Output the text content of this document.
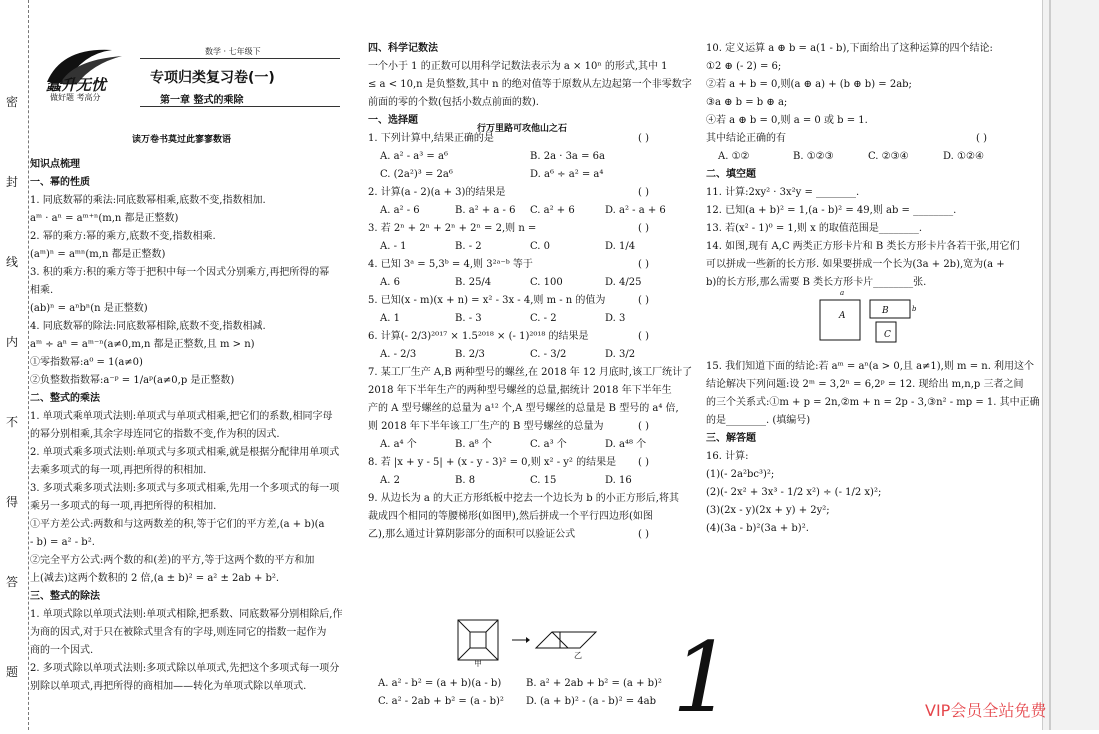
密
封
线
内
不
得
答
题
蠢升无忧
做好题 考高分
数学 · 七年级下
专项归类复习卷(一)
第一章 整式的乘除
读万卷书莫过此寥寥数语
行万里路可攻他山之石
知识点梳理
一、幂的性质
1. 同底数幂的乘法:同底数幂相乘,底数不变,指数相加.
aᵐ · aⁿ = aᵐ⁺ⁿ(m,n 都是正整数)
2. 幂的乘方:幂的乘方,底数不变,指数相乘.
(aᵐ)ⁿ = aᵐⁿ(m,n 都是正整数)
3. 积的乘方:积的乘方等于把积中每一个因式分别乘方,再把所得的幂
相乘.
(ab)ⁿ = aⁿbⁿ(n 是正整数)
4. 同底数幂的除法:同底数幂相除,底数不变,指数相减.
aᵐ ÷ aⁿ = aᵐ⁻ⁿ(a≠0,m,n 都是正整数,且 m > n)
①零指数幂:a⁰ = 1(a≠0)
②负整数指数幂:a⁻ᵖ = 1/aᵖ(a≠0,p 是正整数)
二、整式的乘法
1. 单项式乘单项式法则:单项式与单项式相乘,把它们的系数,相同字母
的幂分别相乘,其余字母连同它的指数不变,作为积的因式.
2. 单项式乘多项式法则:单项式与多项式相乘,就是根据分配律用单项式
去乘多项式的每一项,再把所得的积相加.
3. 多项式乘多项式法则:多项式与多项式相乘,先用一个多项式的每一项
乘另一多项式的每一项,再把所得的积相加.
①平方差公式:两数和与这两数差的积,等于它们的平方差,(a + b)(a
- b) = a² - b².
②完全平方公式:两个数的和(差)的平方,等于这两个数的平方和加
上(减去)这两个数积的 2 倍,(a ± b)² = a² ± 2ab + b².
三、整式的除法
1. 单项式除以单项式法则:单项式相除,把系数、同底数幂分别相除后,作
为商的因式,对于只在被除式里含有的字母,则连同它的指数一起作为
商的一个因式.
2. 多项式除以单项式法则:多项式除以单项式,先把这个多项式每一项分
别除以单项式,再把所得的商相加——转化为单项式除以单项式.
四、科学记数法
一个小于 1 的正数可以用科学记数法表示为 a × 10ⁿ 的形式,其中 1
≤ a < 10,n 是负整数,其中 n 的绝对值等于原数从左边起第一个非零数字
前面的零的个数(包括小数点前面的数).
一、选择题
1. 下列计算中,结果正确的是	( )
A. a² - a³ = a⁶	B. 2a · 3a = 6a
C. (2a²)³ = 2a⁶	D. a⁶ ÷ a² = a⁴
2. 计算(a - 2)(a + 3)的结果是	( )
A. a² - 6	B. a² + a - 6 C. a² + 6	D. a² - a + 6
3. 若 2ⁿ + 2ⁿ + 2ⁿ + 2ⁿ = 2,则 n =	( )
A. - 1	B. - 2	C. 0	D. 1/4
4. 已知 3ᵃ = 5,3ᵇ = 4,则 3²ᵃ⁻ᵇ 等于	( )
A. 6	B. 25/4	C. 100	D. 4/25
5. 已知(x - m)(x + n) = x² - 3x - 4,则 m - n 的值为	( )
A. 1	B. - 3	C. - 2	D. 3
6. 计算(- 2/3)²⁰¹⁷ × 1.5²⁰¹⁸ × (- 1)²⁰¹⁸ 的结果是	( )
A. - 2/3	B. 2/3	C. - 3/2	D. 3/2
7. 某工厂生产 A,B 两种型号的螺丝,在 2018 年 12 月底时,该工厂统计了
2018 年下半年生产的两种型号螺丝的总量,据统计 2018 年下半年生
产的 A 型号螺丝的总量为 a¹² 个,A 型号螺丝的总量是 B 型号的 a⁴ 倍,
则 2018 年下半年该工厂生产的 B 型号螺丝的总量为	( )
A. a⁴ 个	B. a⁸ 个	C. a³ 个	D. a⁴⁸ 个
8. 若 |x + y - 5| + (x - y - 3)² = 0,则 x² - y² 的结果是 ( )
A. 2	B. 8	C. 15	D. 16
9. 从边长为 a 的大正方形纸板中挖去一个边长为 b 的小正方形后,将其
裁成四个相同的等腰梯形(如图甲),然后拼成一个平行四边形(如图
乙),那么通过计算阴影部分的面积可以验证公式	( )
10. 定义运算 a ⊕ b = a(1 - b),下面给出了这种运算的四个结论:
①2 ⊕ (- 2) = 6;
②若 a + b = 0,则(a ⊕ a) + (b ⊕ b) = 2ab;
③a ⊕ b = b ⊕ a;
④若 a ⊕ b = 0,则 a = 0 或 b = 1.
其中结论正确的有	( )
A. ①②	B. ①②③	C. ②③④	D. ①②④
二、填空题
11. 计算:2xy² · 3x²y = ________.
12. 已知(a + b)² = 1,(a - b)² = 49,则 ab = ________.
13. 若(x² - 1)⁰ = 1,则 x 的取值范围是________.
14. 如图,现有 A,C 两类正方形卡片和 B 类长方形卡片各若干张,用它们
可以拼成一些新的长方形. 如果要拼成一个长为(3a + 2b),宽为(a +
b)的长方形,那么需要 B 类长方形卡片________张.
15. 我们知道下面的结论:若 aᵐ = aⁿ(a > 0,且 a≠1),则 m = n. 利用这个
结论解决下列问题:设 2ᵐ = 3,2ⁿ = 6,2ᵖ = 12. 现给出 m,n,p 三者之间
的三个关系式:①m + p = 2n,②m + n = 2p - 3,③n² - mp = 1. 其中正确
的是________. (填编号)
三、解答题
16. 计算:
(1)(- 2a²bc³)²;
(2)(- 2x² + 3x³ - 1/2 x²) ÷ (- 1/2 x)²;
(3)(2x - y)(2x + y) + 2y²;
(4)(3a - b)²(3a + b)².
a
A	B
C
b
甲
乙
A. a² - b² = (a + b)(a - b) B. a² + 2ab + b² = (a + b)²
C. a² - 2ab + b² = (a - b)² D. (a + b)² - (a - b)² = 4ab 1	VIP会员全站免费
